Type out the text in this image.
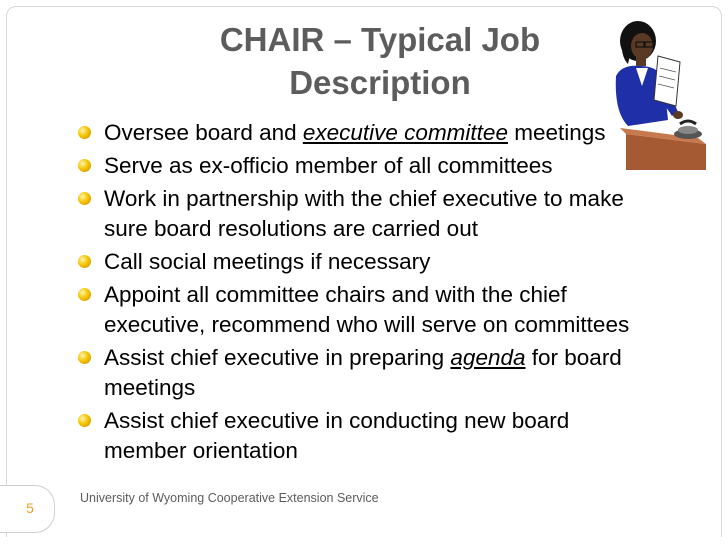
CHAIR – Typical Job
Description
Oversee board and executive committee meetings
Serve as ex-officio member of all committees
Work in partnership with the chief executive to make sure board resolutions are carried out
Call social meetings if necessary
Appoint all committee chairs and with the chief executive, recommend who will serve on committees
Assist chief executive in preparing agenda for board meetings
Assist chief executive in conducting new board member orientation
5
University of Wyoming Cooperative Extension Service
